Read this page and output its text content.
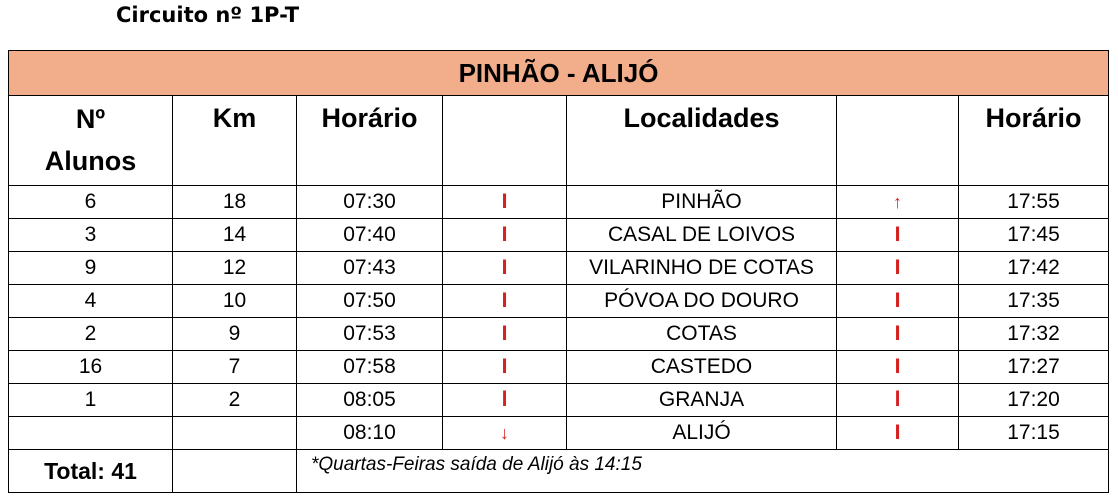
Circuito nº 1P-T
PINHÃO - ALIJÓ						

Nº
Alunos	Km	Horário		Localidades		Horário
6	18	07:30	I	PINHÃO	↑	17:55
3	14	07:40	I	CASAL DE LOIVOS	I	17:45
9	12	07:43	I	VILARINHO DE COTAS	I	17:42
4	10	07:50	I	PÓVOA DO DOURO	I	17:35
2	9	07:53	I	COTAS	I	17:32
16	7	07:58	I	CASTEDO	I	17:27
1	2	08:05	l	GRANJA	l	17:20
		08:10	↓	ALIJÓ	I	17:15
Total: 41		*Quartas-Feiras saída de Alijó às 14:15				
